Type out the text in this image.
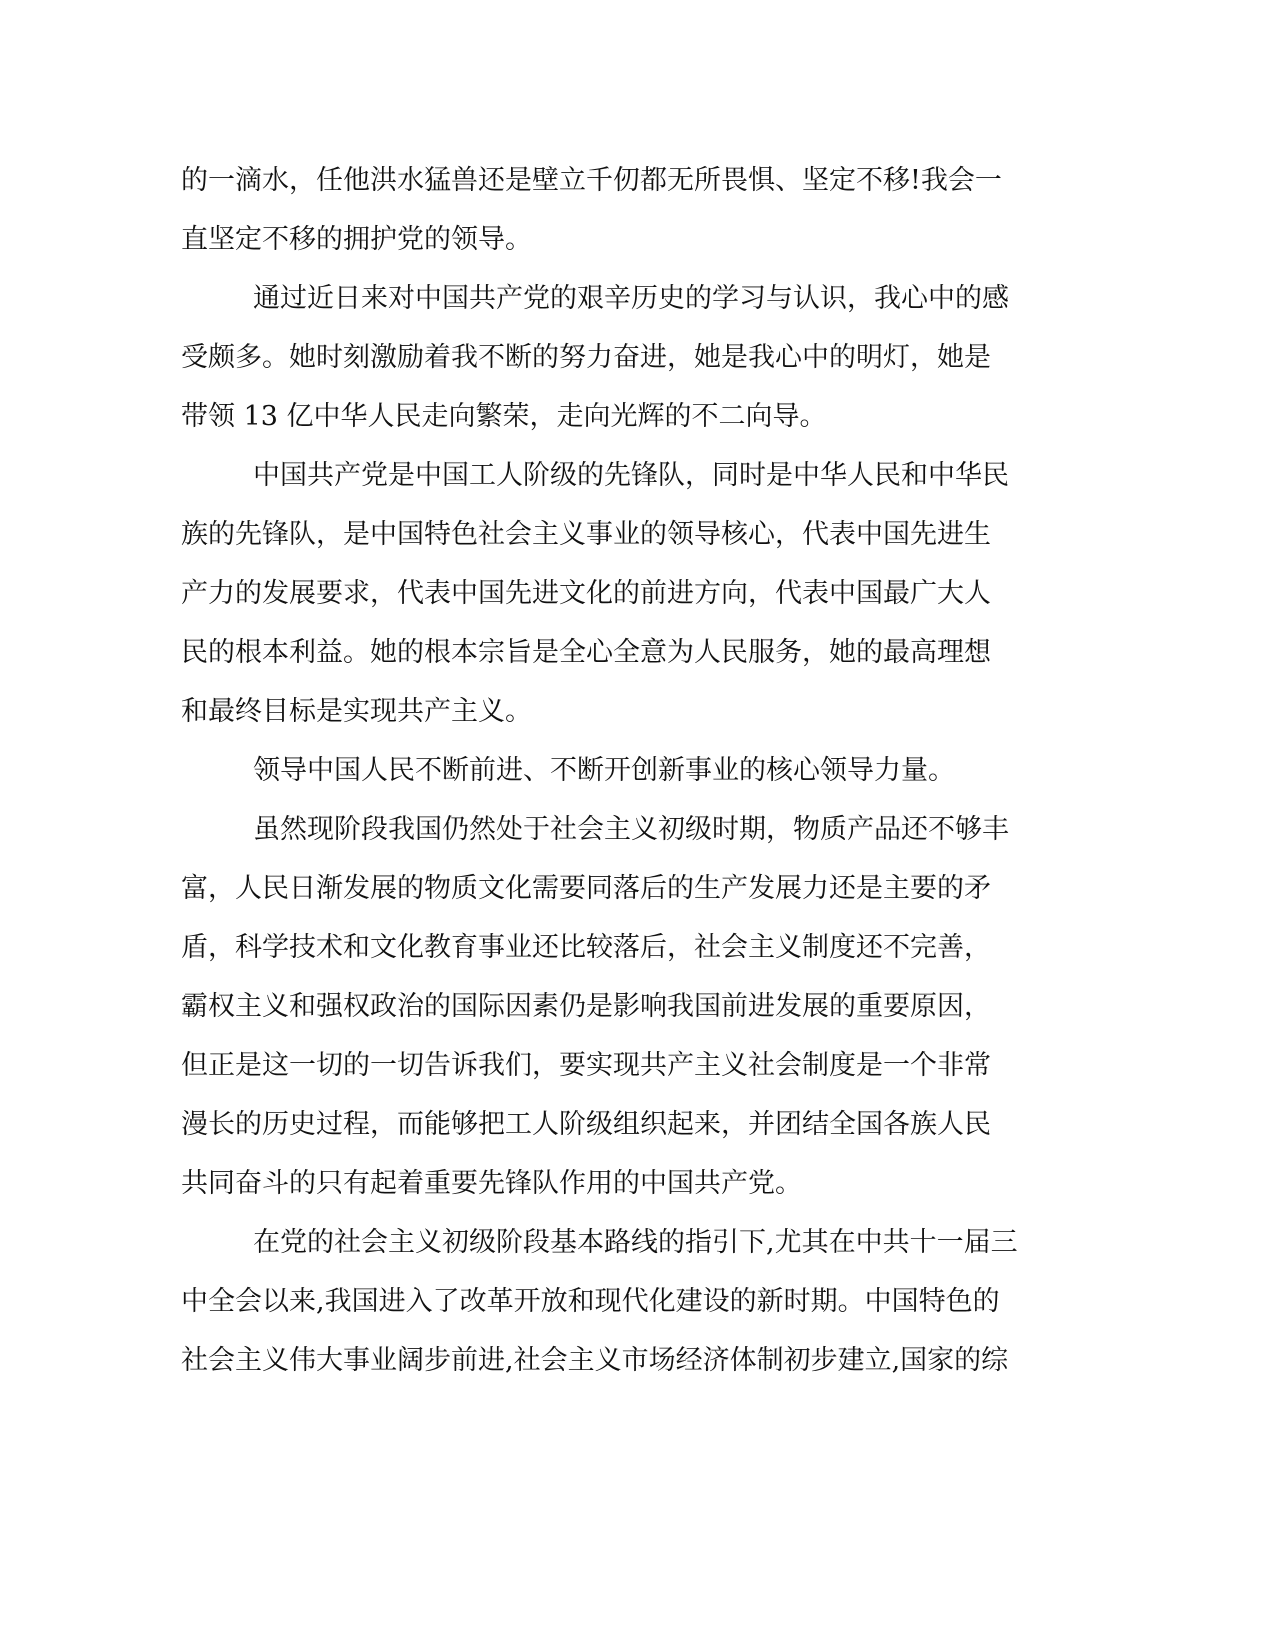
的一滴水，任他洪水猛兽还是壁立千仞都无所畏惧、坚定不移!我会一
直坚定不移的拥护党的领导。
通过近日来对中国共产党的艰辛历史的学习与认识，我心中的感
受颇多。她时刻激励着我不断的努力奋进，她是我心中的明灯，她是
带领 13 亿中华人民走向繁荣，走向光辉的不二向导。
中国共产党是中国工人阶级的先锋队，同时是中华人民和中华民
族的先锋队，是中国特色社会主义事业的领导核心，代表中国先进生
产力的发展要求，代表中国先进文化的前进方向，代表中国最广大人
民的根本利益。她的根本宗旨是全心全意为人民服务，她的最高理想
和最终目标是实现共产主义。
领导中国人民不断前进、不断开创新事业的核心领导力量。
虽然现阶段我国仍然处于社会主义初级时期，物质产品还不够丰
富，人民日渐发展的物质文化需要同落后的生产发展力还是主要的矛
盾，科学技术和文化教育事业还比较落后，社会主义制度还不完善，
霸权主义和强权政治的国际因素仍是影响我国前进发展的重要原因，
但正是这一切的一切告诉我们，要实现共产主义社会制度是一个非常
漫长的历史过程，而能够把工人阶级组织起来，并团结全国各族人民
共同奋斗的只有起着重要先锋队作用的中国共产党。
在党的社会主义初级阶段基本路线的指引下,尤其在中共十一届三
中全会以来,我国进入了改革开放和现代化建设的新时期。中国特色的
社会主义伟大事业阔步前进,社会主义市场经济体制初步建立,国家的综
